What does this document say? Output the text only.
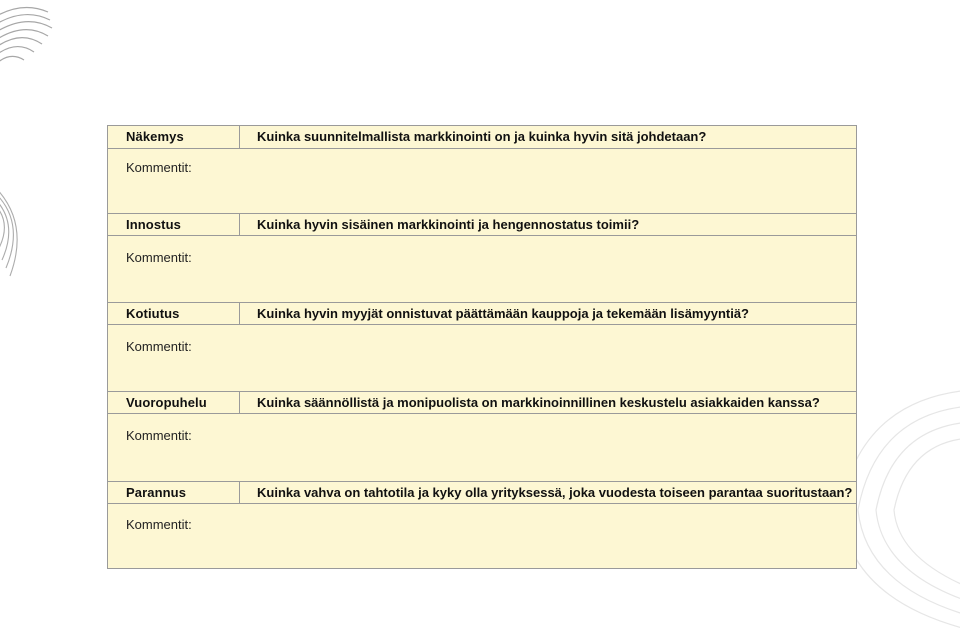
Näkemys	Kuinka suunnitelmallista markkinointi on ja kuinka hyvin sitä johdetaan?
Kommentit:
Innostus	Kuinka hyvin sisäinen markkinointi ja hengennostatus toimii?
Kommentit:
Kotiutus	Kuinka hyvin myyjät onnistuvat päättämään kauppoja ja tekemään lisämyyntiä?
Kommentit:
Vuoropuhelu	Kuinka säännöllistä ja monipuolista on markkinoinnillinen keskustelu asiakkaiden kanssa?
Kommentit:
Parannus	Kuinka vahva on tahtotila ja kyky olla yrityksessä, joka vuodesta toiseen parantaa suoritustaan?
Kommentit:
